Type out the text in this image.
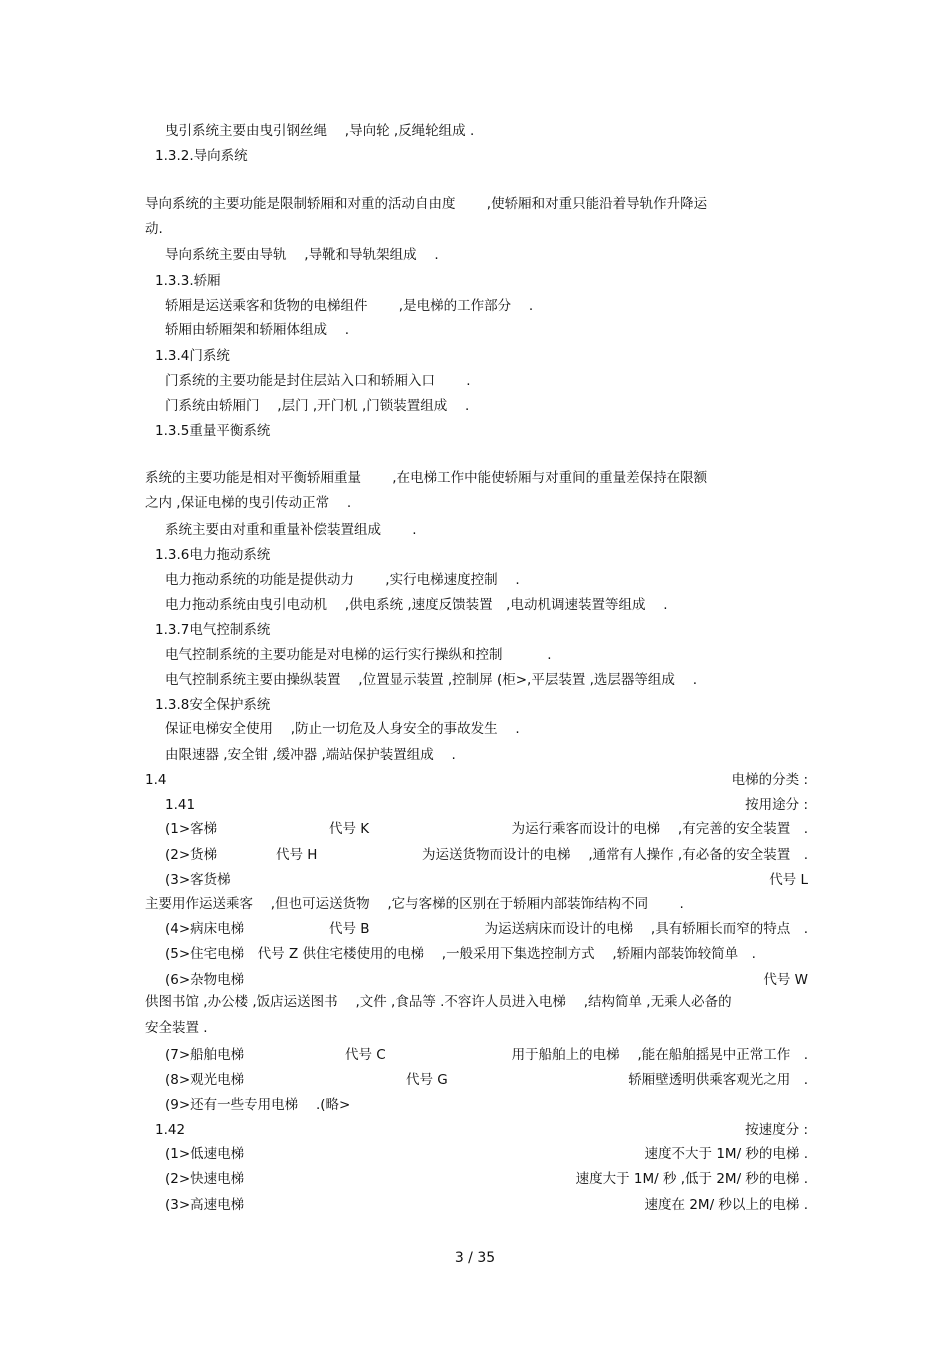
曳引系统主要由曳引钢丝绳　 ,导向轮 ,反绳轮组成 .
1.3.2.导向系统
导向系统的主要功能是限制轿厢和对重的活动自由度　　 ,使轿厢和对重只能沿着导轨作升降运
动.
导向系统主要由导轨　 ,导靴和导轨架组成　 .
1.3.3.轿厢
轿厢是运送乘客和货物的电梯组件　　 ,是电梯的工作部分　 .
轿厢由轿厢架和轿厢体组成　 .
1.3.4门系统
门系统的主要功能是封住层站入口和轿厢入口　　 .
门系统由轿厢门　 ,层门 ,开门机 ,门锁装置组成　 .
1.3.5重量平衡系统
系统的主要功能是相对平衡轿厢重量　　 ,在电梯工作中能使轿厢与对重间的重量差保持在限额
之内 ,保证电梯的曳引传动正常　 .
系统主要由对重和重量补偿装置组成　　 .
1.3.6电力拖动系统
电力拖动系统的功能是提供动力　　 ,实行电梯速度控制　 .
电力拖动系统由曳引电动机　 ,供电系统 ,速度反馈装置　,电动机调速装置等组成　 .
1.3.7电气控制系统
电气控制系统的主要功能是对电梯的运行实行操纵和控制　　　 .
电气控制系统主要由操纵装置　 ,位置显示装置 ,控制屏 (柜>,平层装置 ,选层器等组成　 .
1.3.8安全保护系统
保证电梯安全使用　 ,防止一切危及人身安全的事故发生　 .
由限速器 ,安全钳 ,缓冲器 ,端站保护装置组成　 .
1.4	电梯的分类 :
1.41	按用途分 :
(1>客梯	代号 K	为运行乘客而设计的电梯　 ,有完善的安全装置　.
(2>货梯	代号 H	为运送货物而设计的电梯　 ,通常有人操作 ,有必备的安全装置　.
(3>客货梯	代号 L
主要用作运送乘客　 ,但也可运送货物　 ,它与客梯的区别在于轿厢内部装饰结构不同　　 .
(4>病床电梯	代号 B	为运送病床而设计的电梯　 ,具有轿厢长而窄的特点　.
(5>住宅电梯　代号 Z 供住宅楼使用的电梯　 ,一般采用下集选控制方式　 ,轿厢内部装饰较简单　.
(6>杂物电梯	代号 W
供图书馆 ,办公楼 ,饭店运送图书　 ,文件 ,食品等 .不容许人员进入电梯　 ,结构简单 ,无乘人必备的
安全装置 .
(7>船舶电梯	代号 C	用于船舶上的电梯　 ,能在船舶摇晃中正常工作　.
(8>观光电梯	代号 G	轿厢壁透明供乘客观光之用　.
(9>还有一些专用电梯　 .(略>
1.42	按速度分 :
(1>低速电梯	速度不大于 1M/ 秒的电梯 .
(2>快速电梯	速度大于 1M/ 秒 ,低于 2M/ 秒的电梯 .
(3>高速电梯	速度在 2M/ 秒以上的电梯 .
3 / 35
